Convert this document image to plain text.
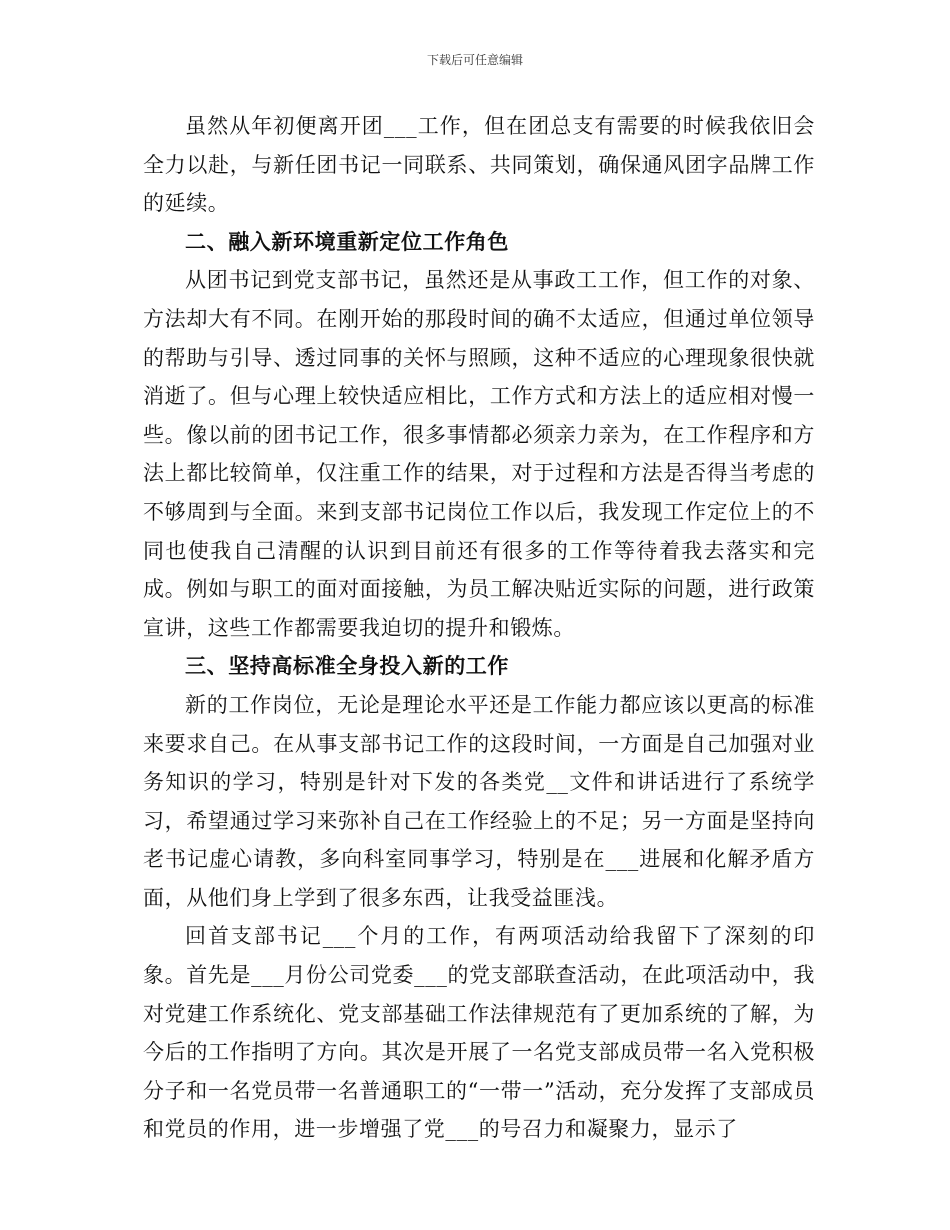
下载后可任意编辑

虽然从年初便离开团___工作，但在团总支有需要的时候我依旧会全力以赴，与新任团书记一同联系、共同策划，确保通风团字品牌工作的延续。

二、融入新环境重新定位工作角色

从团书记到党支部书记，虽然还是从事政工工作，但工作的对象、方法却大有不同。在刚开始的那段时间的确不太适应，但通过单位领导的帮助与引导、透过同事的关怀与照顾，这种不适应的心理现象很快就消逝了。但与心理上较快适应相比，工作方式和方法上的适应相对慢一些。像以前的团书记工作，很多事情都必须亲力亲为，在工作程序和方法上都比较简单，仅注重工作的结果，对于过程和方法是否得当考虑的不够周到与全面。来到支部书记岗位工作以后，我发现工作定位上的不同也使我自己清醒的认识到目前还有很多的工作等待着我去落实和完成。例如与职工的面对面接触，为员工解决贴近实际的问题，进行政策宣讲，这些工作都需要我迫切的提升和锻炼。

三、坚持高标准全身投入新的工作

新的工作岗位，无论是理论水平还是工作能力都应该以更高的标准来要求自己。在从事支部书记工作的这段时间，一方面是自己加强对业务知识的学习，特别是针对下发的各类党__文件和讲话进行了系统学习，希望通过学习来弥补自己在工作经验上的不足；另一方面是坚持向老书记虚心请教，多向科室同事学习，特别是在___进展和化解矛盾方面，从他们身上学到了很多东西，让我受益匪浅。

回首支部书记___个月的工作，有两项活动给我留下了深刻的印象。首先是___月份公司党委___的党支部联查活动，在此项活动中，我对党建工作系统化、党支部基础工作法律规范有了更加系统的了解，为今后的工作指明了方向。其次是开展了一名党支部成员带一名入党积极分子和一名党员带一名普通职工的“一带一”活动，充分发挥了支部成员和党员的作用，进一步增强了党___的号召力和凝聚力，显示了
